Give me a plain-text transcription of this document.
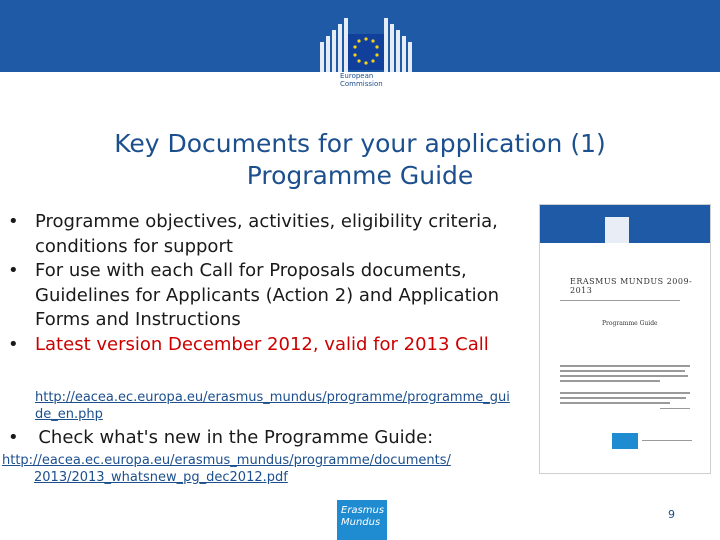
European
Commission
Key Documents for your application (1)
Programme Guide
• Programme objectives, activities, eligibility criteria, conditions for support
• For use with each Call for Proposals documents, Guidelines for Applicants (Action 2) and Application Forms and Instructions
• Latest version December 2012, valid for 2013 Call
http://eacea.ec.europa.eu/erasmus_mundus/programme/programme_guide_en.php
• Check what's new in the Programme Guide:
http://eacea.ec.europa.eu/erasmus_mundus/programme/documents/
2013/2013_whatsnew_pg_dec2012.pdf
ERASMUS MUNDUS 2009-2013
Programme Guide
Erasmus
Mundus
9
